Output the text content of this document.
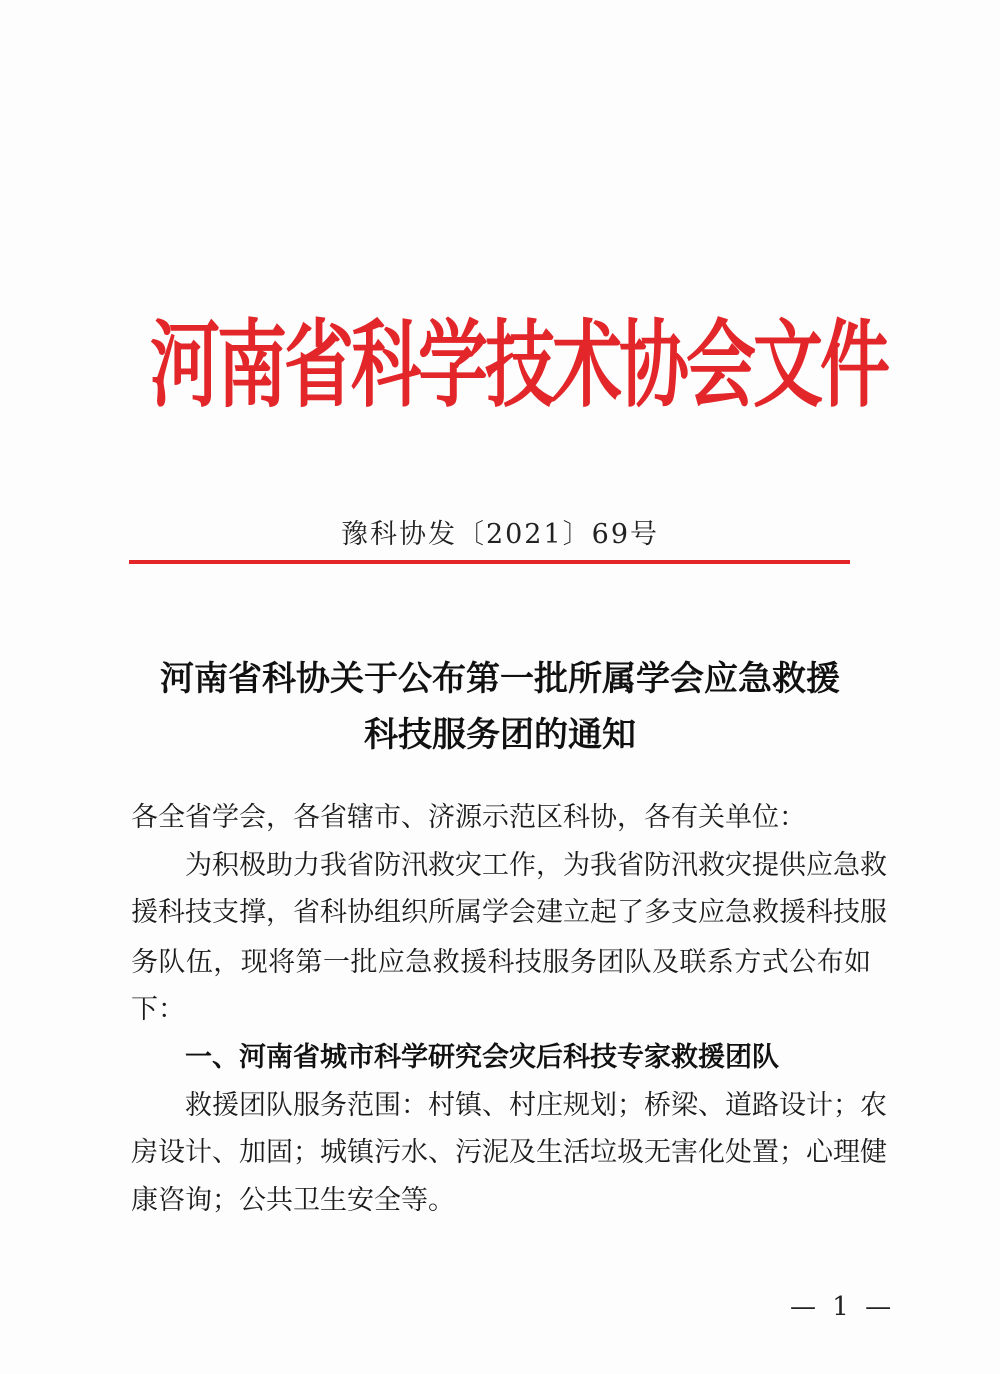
河南省科学技术协会文件
豫科协发〔2021〕69号
河南省科协关于公布第一批所属学会应急救援
科技服务团的通知
各全省学会，各省辖市、济源示范区科协，各有关单位：
为积极助力我省防汛救灾工作，为我省防汛救灾提供应急救
援科技支撑，省科协组织所属学会建立起了多支应急救援科技服
务队伍，现将第一批应急救援科技服务团队及联系方式公布如
下：
一、河南省城市科学研究会灾后科技专家救援团队
救援团队服务范围：村镇、村庄规划；桥梁、道路设计；农
房设计、加固；城镇污水、污泥及生活垃圾无害化处置；心理健
康咨询；公共卫生安全等。
— 1 —
